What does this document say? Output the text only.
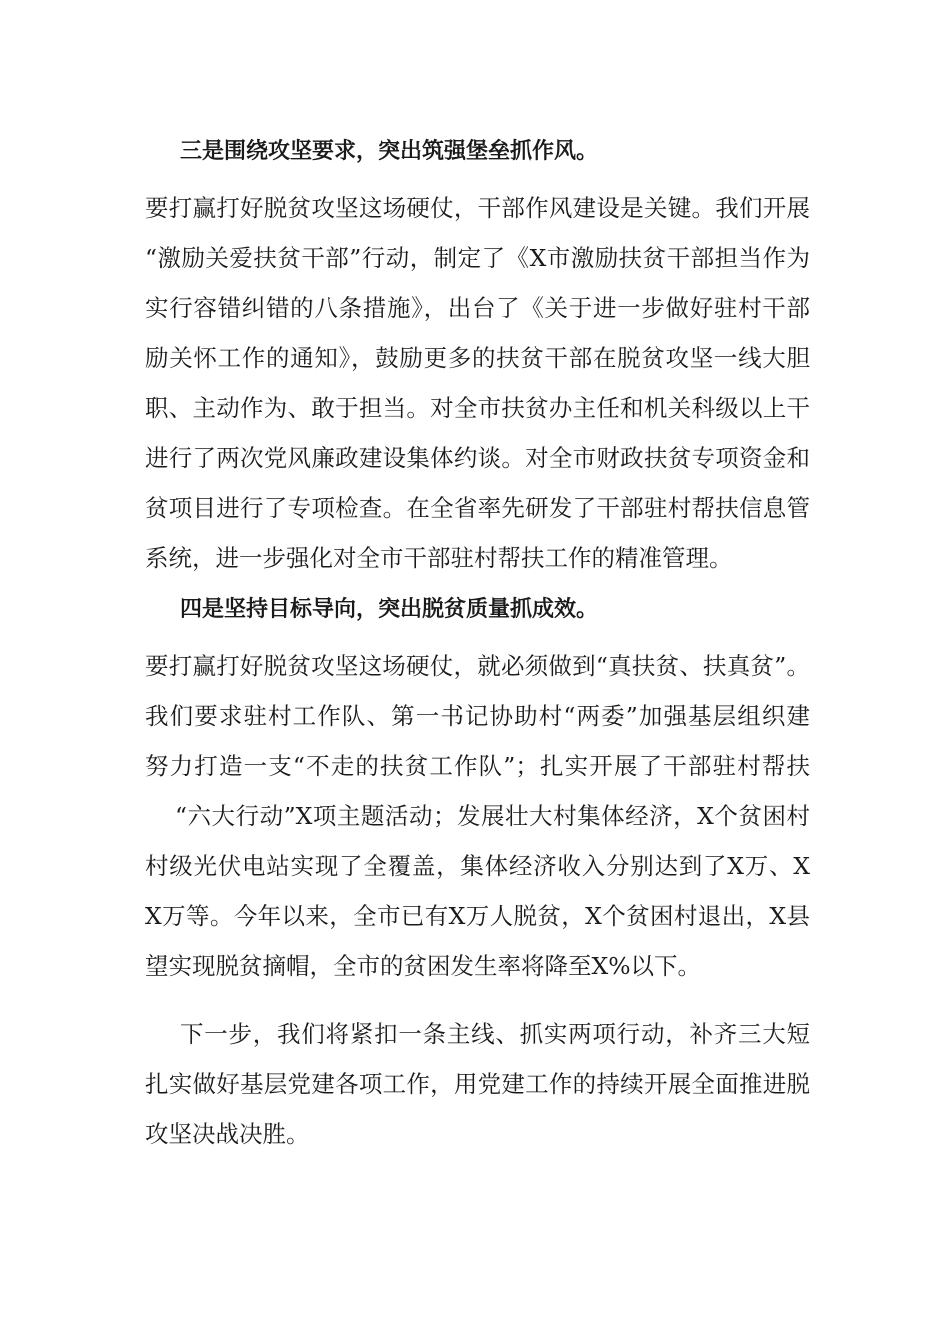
三是围绕攻坚要求，突出筑强堡垒抓作风。
要打赢打好脱贫攻坚这场硬仗，干部作风建设是关键。我们开展
“激励关爱扶贫干部”行动，制定了《X市激励扶贫干部担当作为
实行容错纠错的八条措施》，出台了《关于进一步做好驻村干部
励关怀工作的通知》，鼓励更多的扶贫干部在脱贫攻坚一线大胆
职、主动作为、敢于担当。对全市扶贫办主任和机关科级以上干
进行了两次党风廉政建设集体约谈。对全市财政扶贫专项资金和
贫项目进行了专项检查。在全省率先研发了干部驻村帮扶信息管
系统，进一步强化对全市干部驻村帮扶工作的精准管理。
四是坚持目标导向，突出脱贫质量抓成效。
要打赢打好脱贫攻坚这场硬仗，就必须做到“真扶贫、扶真贫”。
我们要求驻村工作队、第一书记协助村“两委”加强基层组织建
努力打造一支“不走的扶贫工作队”；扎实开展了干部驻村帮扶
“六大行动”X项主题活动；发展壮大村集体经济，X个贫困村
村级光伏电站实现了全覆盖，集体经济收入分别达到了X万、X
X万等。今年以来，全市已有X万人脱贫，X个贫困村退出，X县
望实现脱贫摘帽，全市的贫困发生率将降至X%以下。
下一步，我们将紧扣一条主线、抓实两项行动，补齐三大短
扎实做好基层党建各项工作，用党建工作的持续开展全面推进脱
攻坚决战决胜。
